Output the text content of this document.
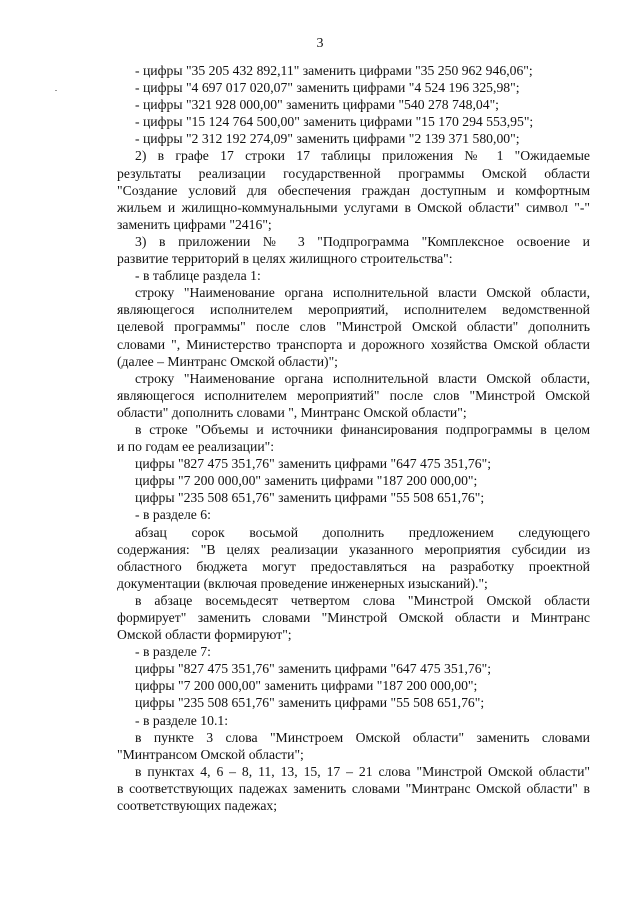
3
- цифры "35 205 432 892,11" заменить цифрами "35 250 962 946,06";
- цифры "4 697 017 020,07" заменить цифрами "4 524 196 325,98";
- цифры "321 928 000,00" заменить цифрами "540 278 748,04";
- цифры "15 124 764 500,00" заменить цифрами "15 170 294 553,95";
- цифры "2 312 192 274,09" заменить цифрами "2 139 371 580,00";
2) в графе 17 строки 17 таблицы приложения № 1 "Ожидаемые
результаты реализации государственной программы Омской области
"Создание условий для обеспечения граждан доступным и комфортным
жильем и жилищно-коммунальными услугами в Омской области" символ "-"
заменить цифрами "2416";
3) в приложении № 3 "Подпрограмма "Комплексное освоение и
развитие территорий в целях жилищного строительства":
- в таблице раздела 1:
строку "Наименование органа исполнительной власти Омской области,
являющегося исполнителем мероприятий, исполнителем ведомственной
целевой программы" после слов "Минстрой Омской области" дополнить
словами ", Министерство транспорта и дорожного хозяйства Омской области
(далее – Минтранс Омской области)";
строку "Наименование органа исполнительной власти Омской области,
являющегося исполнителем мероприятий" после слов "Минстрой Омской
области" дополнить словами ", Минтранс Омской области";
в строке "Объемы и источники финансирования подпрограммы в целом
и по годам ее реализации":
цифры "827 475 351,76" заменить цифрами "647 475 351,76";
цифры "7 200 000,00" заменить цифрами "187 200 000,00";
цифры "235 508 651,76" заменить цифрами "55 508 651,76";
- в разделе 6:
абзац сорок восьмой дополнить предложением следующего
содержания: "В целях реализации указанного мероприятия субсидии из
областного бюджета могут предоставляться на разработку проектной
документации (включая проведение инженерных изысканий).";
в абзаце восемьдесят четвертом слова "Минстрой Омской области
формирует" заменить словами "Минстрой Омской области и Минтранс
Омской области формируют";
- в разделе 7:
цифры "827 475 351,76" заменить цифрами "647 475 351,76";
цифры "7 200 000,00" заменить цифрами "187 200 000,00";
цифры "235 508 651,76" заменить цифрами "55 508 651,76";
- в разделе 10.1:
в пункте 3 слова "Минстроем Омской области" заменить словами
"Минтрансом Омской области";
в пунктах 4, 6 – 8, 11, 13, 15, 17 – 21 слова "Минстрой Омской области"
в соответствующих падежах заменить словами "Минтранс Омской области" в
соответствующих падежах;
